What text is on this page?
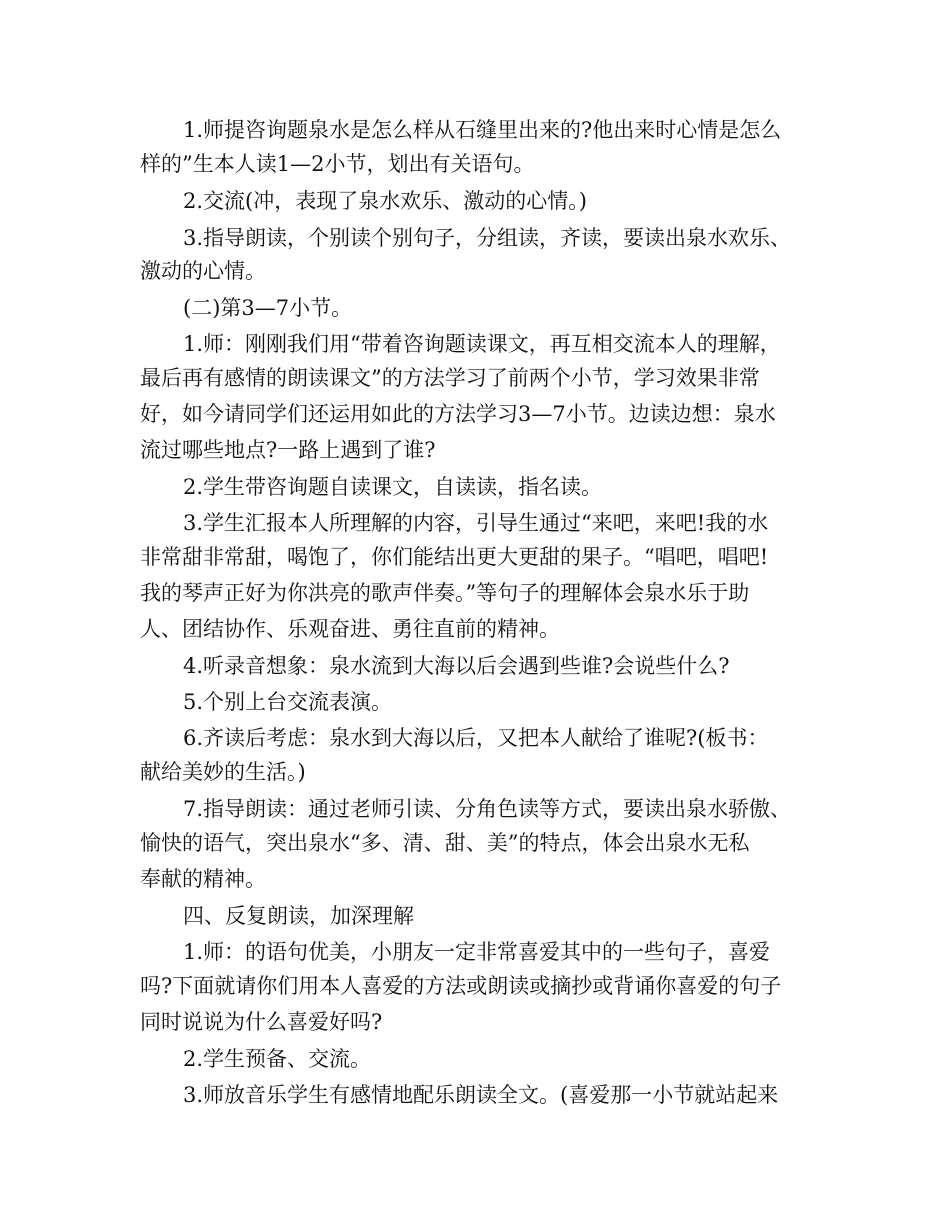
1.师提咨询题泉水是怎么样从石缝里出来的?他出来时心情是怎么
样的”生本人读1—2小节，划出有关语句。
2.交流(冲，表现了泉水欢乐、激动的心情。)
3.指导朗读，个别读个别句子，分组读，齐读，要读出泉水欢乐、
激动的心情。
(二)第3—7小节。
1.师：刚刚我们用“带着咨询题读课文，再互相交流本人的理解，
最后再有感情的朗读课文”的方法学习了前两个小节，学习效果非常
好，如今请同学们还运用如此的方法学习3—7小节。边读边想：泉水
流过哪些地点?一路上遇到了谁?
2.学生带咨询题自读课文，自读读，指名读。
3.学生汇报本人所理解的内容，引导生通过“来吧，来吧!我的水
非常甜非常甜，喝饱了，你们能结出更大更甜的果子。“唱吧，唱吧!
我的琴声正好为你洪亮的歌声伴奏。”等句子的理解体会泉水乐于助
人、团结协作、乐观奋进、勇往直前的精神。
4.听录音想象：泉水流到大海以后会遇到些谁?会说些什么?
5.个别上台交流表演。
6.齐读后考虑：泉水到大海以后，又把本人献给了谁呢?(板书：
献给美妙的生活。)
7.指导朗读：通过老师引读、分角色读等方式，要读出泉水骄傲、
愉快的语气，突出泉水“多、清、甜、美”的特点，体会出泉水无私
奉献的精神。
四、反复朗读，加深理解
1.师：的语句优美，小朋友一定非常喜爱其中的一些句子，喜爱
吗?下面就请你们用本人喜爱的方法或朗读或摘抄或背诵你喜爱的句子
同时说说为什么喜爱好吗?
2.学生预备、交流。
3.师放音乐学生有感情地配乐朗读全文。(喜爱那一小节就站起来
